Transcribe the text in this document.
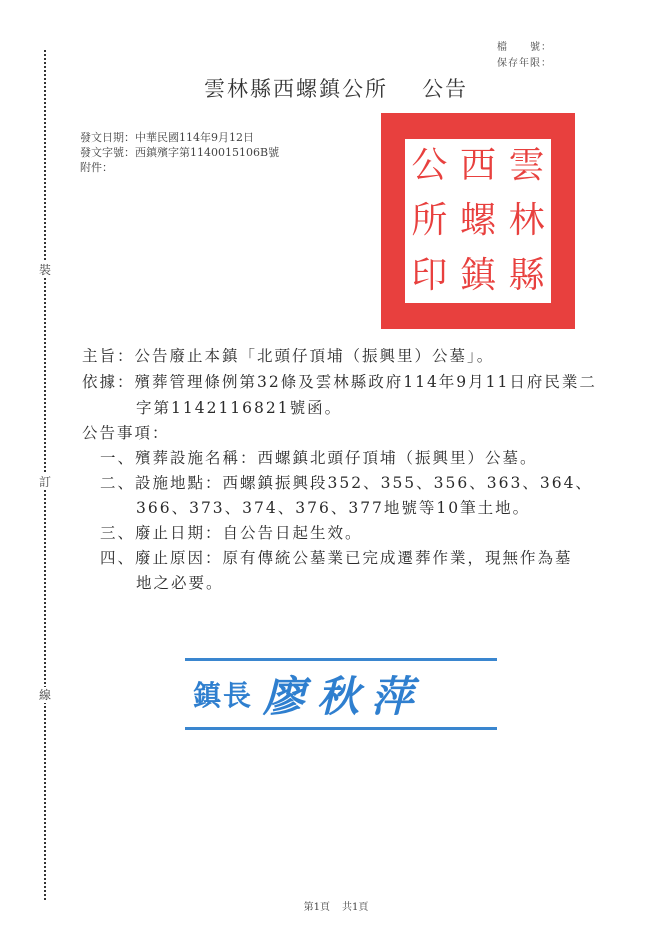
裝
訂
線
檔　　號：
保存年限：
雲林縣西螺鎮公所 公告
發文日期：中華民國114年9月12日
發文字號：西鎮殯字第1140015106B號
附件：	公 西 雲
所 螺 林
印 鎮 縣
主旨：公告廢止本鎮「北頭仔頂埔（振興里）公墓」。
依據：殯葬管理條例第32條及雲林縣政府114年9月11日府民業二
字第1142116821號函。
公告事項：
一、殯葬設施名稱：西螺鎮北頭仔頂埔（振興里）公墓。
二、設施地點：西螺鎮振興段352、355、356、363、364、
366、373、374、376、377地號等10筆土地。
三、廢止日期：自公告日起生效。
四、廢止原因：原有傳統公墓業已完成遷葬作業，現無作為墓
地之必要。
鎮長 廖秋萍
第1頁 共1頁
